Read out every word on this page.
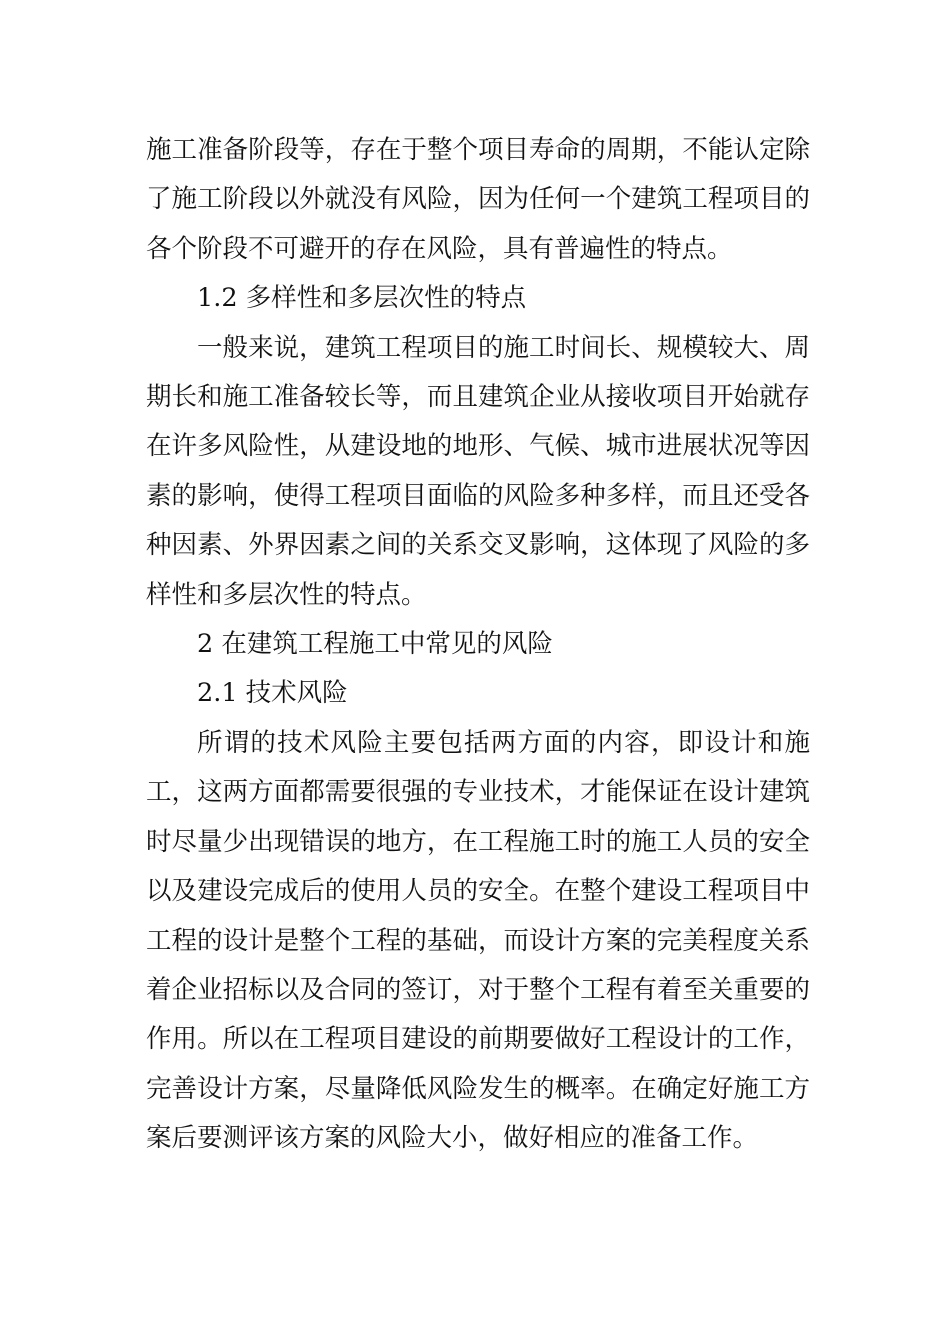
施工准备阶段等，存在于整个项目寿命的周期，不能认定除了施工阶段以外就没有风险，因为任何一个建筑工程项目的各个阶段不可避开的存在风险，具有普遍性的特点。

1.2 多样性和多层次性的特点

一般来说，建筑工程项目的施工时间长、规模较大、周期长和施工准备较长等，而且建筑企业从接收项目开始就存在许多风险性，从建设地的地形、气候、城市进展状况等因素的影响，使得工程项目面临的风险多种多样，而且还受各种因素、外界因素之间的关系交叉影响，这体现了风险的多样性和多层次性的特点。

2 在建筑工程施工中常见的风险

2.1 技术风险

所谓的技术风险主要包括两方面的内容，即设计和施工，这两方面都需要很强的专业技术，才能保证在设计建筑时尽量少出现错误的地方，在工程施工时的施工人员的安全以及建设完成后的使用人员的安全。在整个建设工程项目中工程的设计是整个工程的基础，而设计方案的完美程度关系着企业招标以及合同的签订，对于整个工程有着至关重要的作用。所以在工程项目建设的前期要做好工程设计的工作，完善设计方案，尽量降低风险发生的概率。在确定好施工方案后要测评该方案的风险大小，做好相应的准备工作。
